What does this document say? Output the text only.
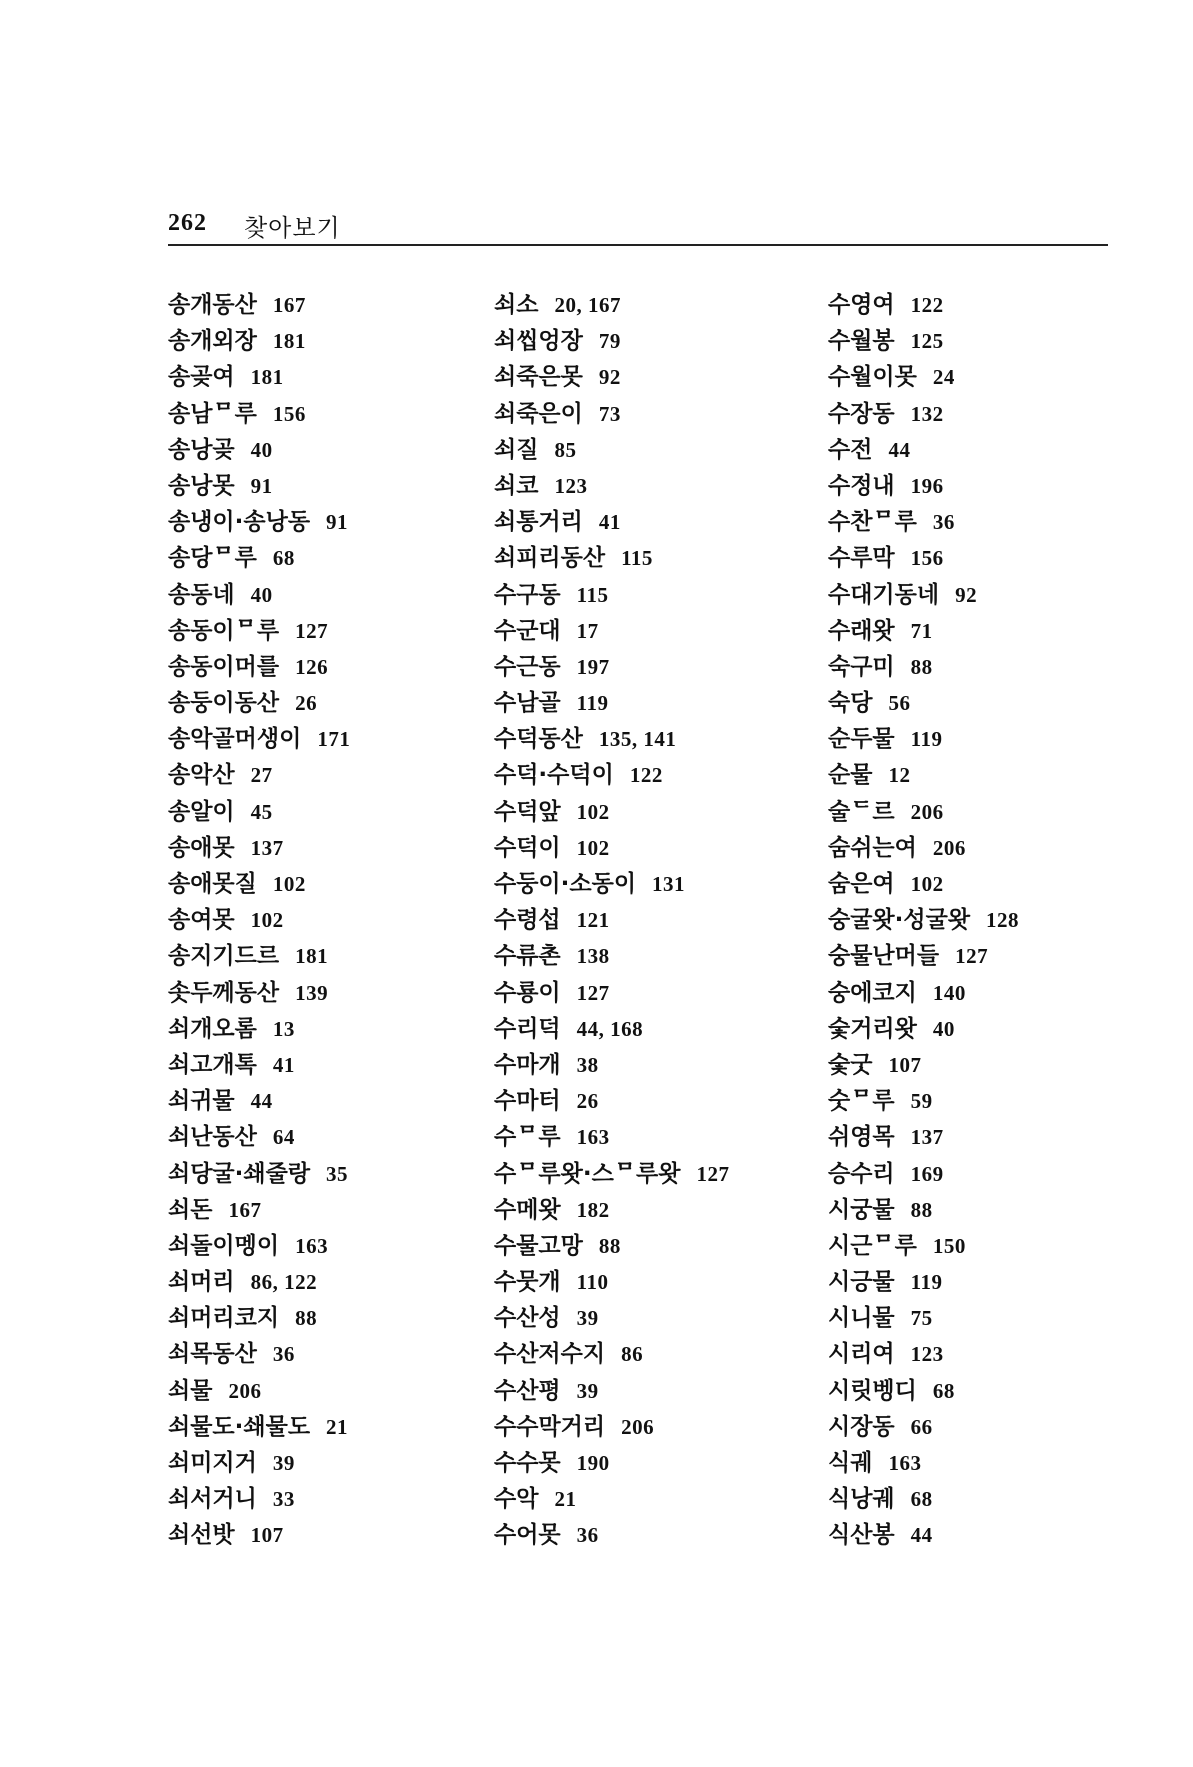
262 찾아보기
송개동산 167
송개외장 181
송곶여 181
송남ᄆ루 156
송낭곶 40
송낭못 91
송냉이·송낭동 91
송당ᄆ루 68
송동네 40
송동이ᄆ루 127
송동이머를 126
송둥이동산 26
송악골머생이 171
송악산 27
송알이 45
송애못 137
송애못질 102
송여못 102
송지기드르 181
솟두께동산 139
쇠개오롬 13
쇠고개톡 41
쇠귀물 44
쇠난동산 64
쇠당굴·쇄줄랑 35
쇠돈 167
쇠돌이멩이 163
쇠머리 86, 122
쇠머리코지 88
쇠목동산 36
쇠물 206
쇠물도·쇄물도 21
쇠미지거 39
쇠서거니 33
쇠선밧 107
쇠소 20, 167
쇠씹엉장 79
쇠죽은못 92
쇠죽은이 73
쇠질 85
쇠코 123
쇠통거리 41
쇠피리동산 115
수구동 115
수군대 17
수근동 197
수남골 119
수덕동산 135, 141
수덕·수덕이 122
수덕앞 102
수덕이 102
수둥이·소동이 131
수령섭 121
수류촌 138
수룡이 127
수리덕 44, 168
수마개 38
수마터 26
수ᄆ루 163
수ᄆ루왓·스ᄆ루왓 127
수메왓 182
수물고망 88
수뭇개 110
수산성 39
수산저수지 86
수산평 39
수수막거리 206
수수못 190
수악 21
수어못 36
수영여 122
수월봉 125
수월이못 24
수장동 132
수전 44
수정내 196
수찬ᄆ루 36
수루막 156
수대기동네 92
수래왓 71
숙구미 88
숙당 56
순두물 119
순물 12
술ᄃ르 206
숨쉬는여 206
숨은여 102
숭굴왓·성굴왓 128
숭물난머들 127
숭에코지 140
숯거리왓 40
숯굿 107
숫ᄆ루 59
쉬영목 137
승수리 169
시궁물 88
시근ᄆ루 150
시긍물 119
시니물 75
시리여 123
시릿벵디 68
시장동 66
식궤 163
식낭궤 68
식산봉 44
